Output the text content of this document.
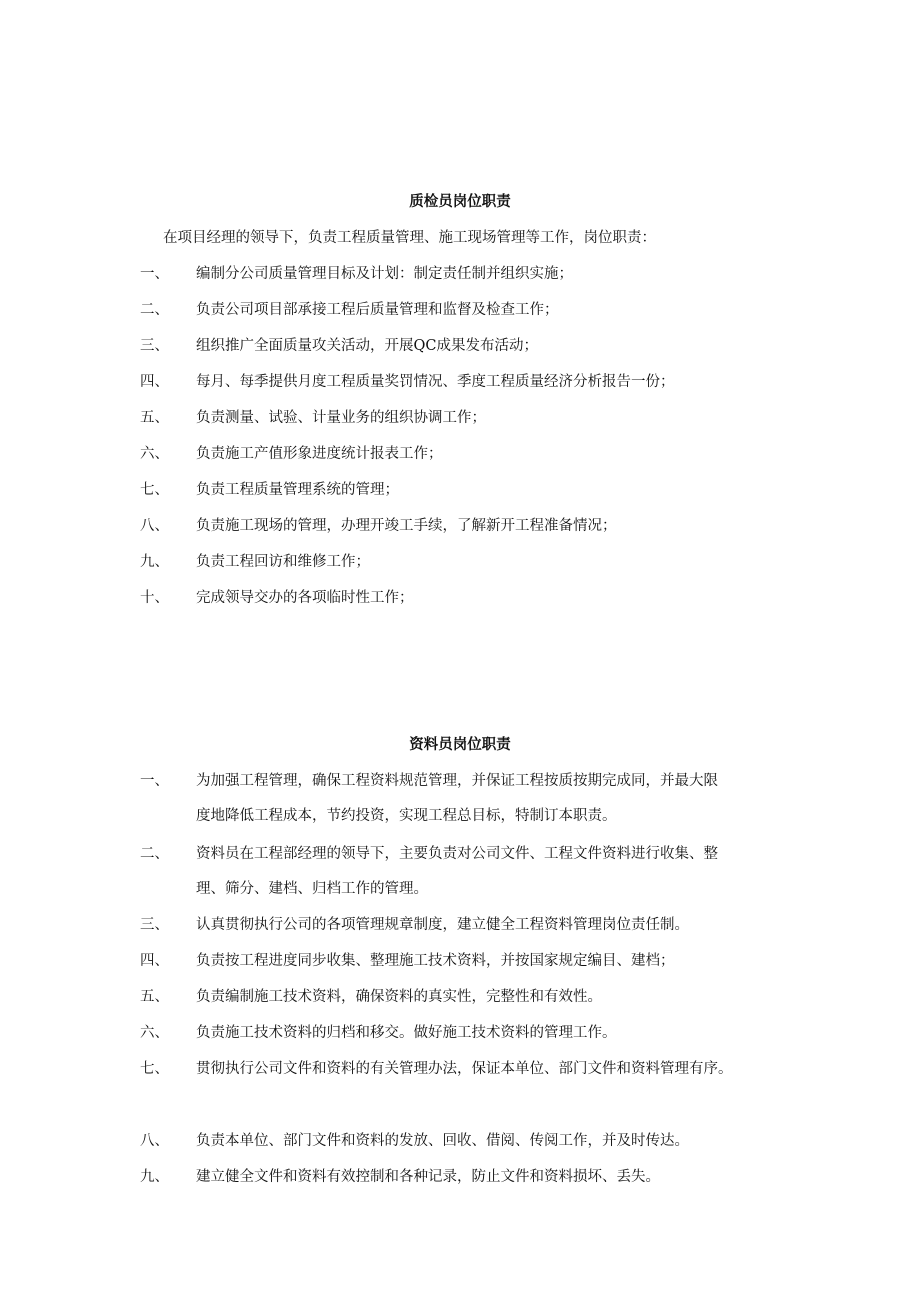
质检员岗位职责
在项目经理的领导下，负责工程质量管理、施工现场管理等工作，岗位职责：
一、 编制分公司质量管理目标及计划：制定责任制并组织实施；
二、 负责公司项目部承接工程后质量管理和监督及检查工作；
三、 组织推广全面质量攻关活动，开展QC成果发布活动；
四、 每月、每季提供月度工程质量奖罚情况、季度工程质量经济分析报告一份；
五、 负责测量、试验、计量业务的组织协调工作；
六、 负责施工产值形象进度统计报表工作；
七、 负责工程质量管理系统的管理；
八、 负责施工现场的管理，办理开竣工手续，了解新开工程准备情况；
九、 负责工程回访和维修工作；
十、 完成领导交办的各项临时性工作；
资料员岗位职责
一、 为加强工程管理，确保工程资料规范管理，并保证工程按质按期完成同，并最大限
度地降低工程成本，节约投资，实现工程总目标，特制订本职责。
二、 资料员在工程部经理的领导下，主要负责对公司文件、工程文件资料进行收集、整
理、筛分、建档、归档工作的管理。
三、 认真贯彻执行公司的各项管理规章制度，建立健全工程资料管理岗位责任制。
四、 负责按工程进度同步收集、整理施工技术资料，并按国家规定编目、建档；
五、 负责编制施工技术资料，确保资料的真实性，完整性和有效性。
六、 负责施工技术资料的归档和移交。做好施工技术资料的管理工作。
七、 贯彻执行公司文件和资料的有关管理办法，保证本单位、部门文件和资料管理有序。
八、 负责本单位、部门文件和资料的发放、回收、借阅、传阅工作，并及时传达。
九、 建立健全文件和资料有效控制和各种记录，防止文件和资料损坏、丢失。
